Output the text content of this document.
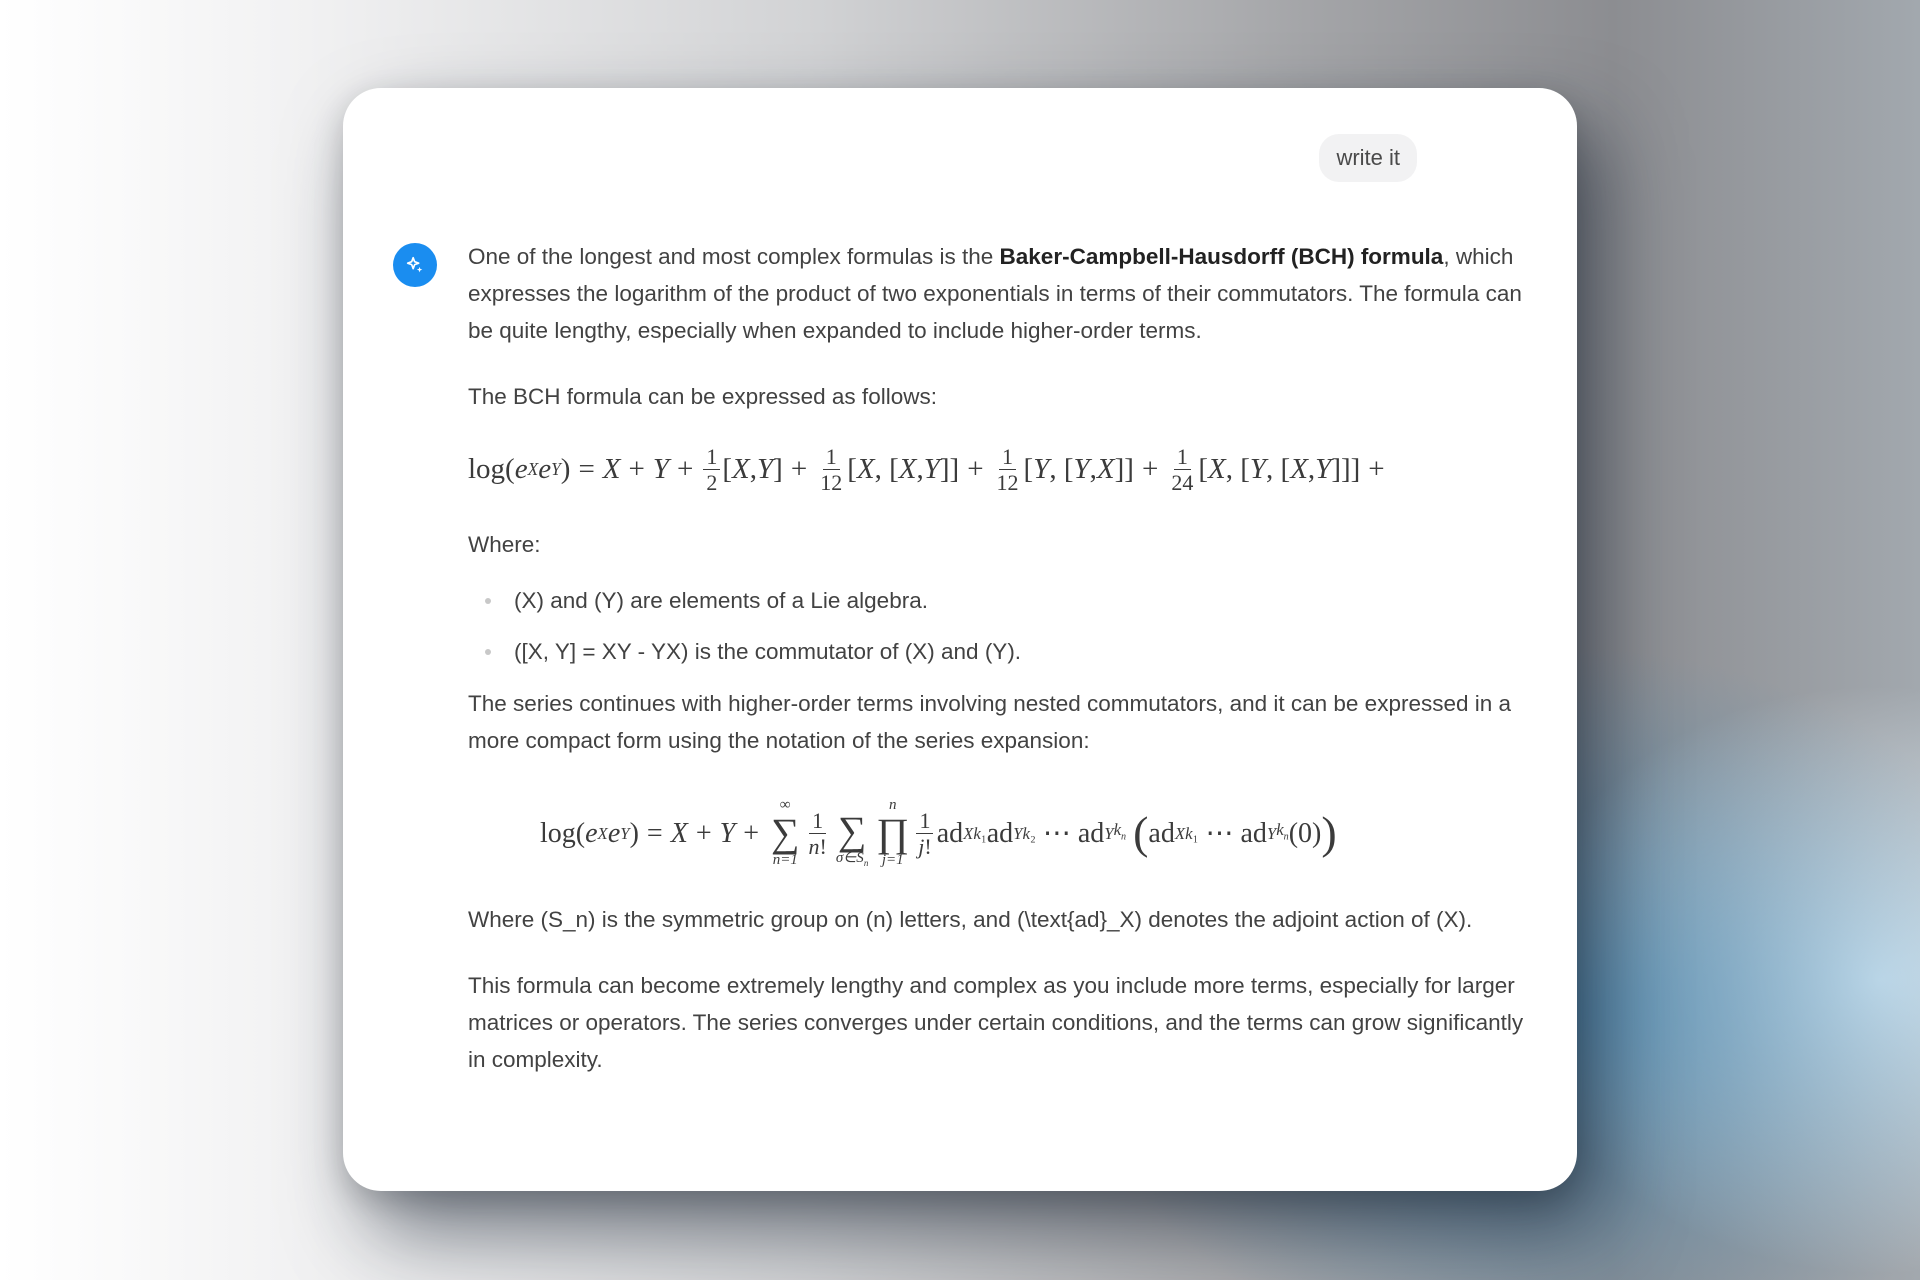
write it

One of the longest and most complex formulas is the Baker-Campbell-Hausdorff (BCH) formula, which expresses the logarithm of the product of two exponentials in terms of their commutators. The formula can be quite lengthy, especially when expanded to include higher-order terms.

The BCH formula can be expressed as follows:

log( e X e Y ) = $X + Y + \frac{1}{2}$ [ X , Y ] + $\frac{1}{12}$ [ X , [ X , Y ]] + $\frac{1}{12}$ [ Y , [ Y , X ]] + $\frac{1}{24}$ [ X , [ Y , [ X , Y ]]] +

Where:

(X) and (Y) are elements of a Lie algebra.
([X, Y] = XY - YX) is the commutator of (X) and (Y).

The series continues with higher-order terms involving nested commutators, and it can be expressed in a more compact form using the notation of the series expansion:

log( e X e Y ) = X + Y +
∞
∑
n=1
$\frac{1}{n!}$
∑
$\sigma\in S_n$
n
∏
j=1
$\frac{1}{j!}$ ad X k₁ ad Y k₂ ⋯ ad Y $k_n$
( ad X k₁ ⋯ ad Y $k_n$ (0) )

Where (S_n) is the symmetric group on (n) letters, and (\text{ad}_X) denotes the adjoint action of (X).

This formula can become extremely lengthy and complex as you include more terms, especially for larger matrices or operators. The series converges under certain conditions, and the terms can grow significantly in complexity.
